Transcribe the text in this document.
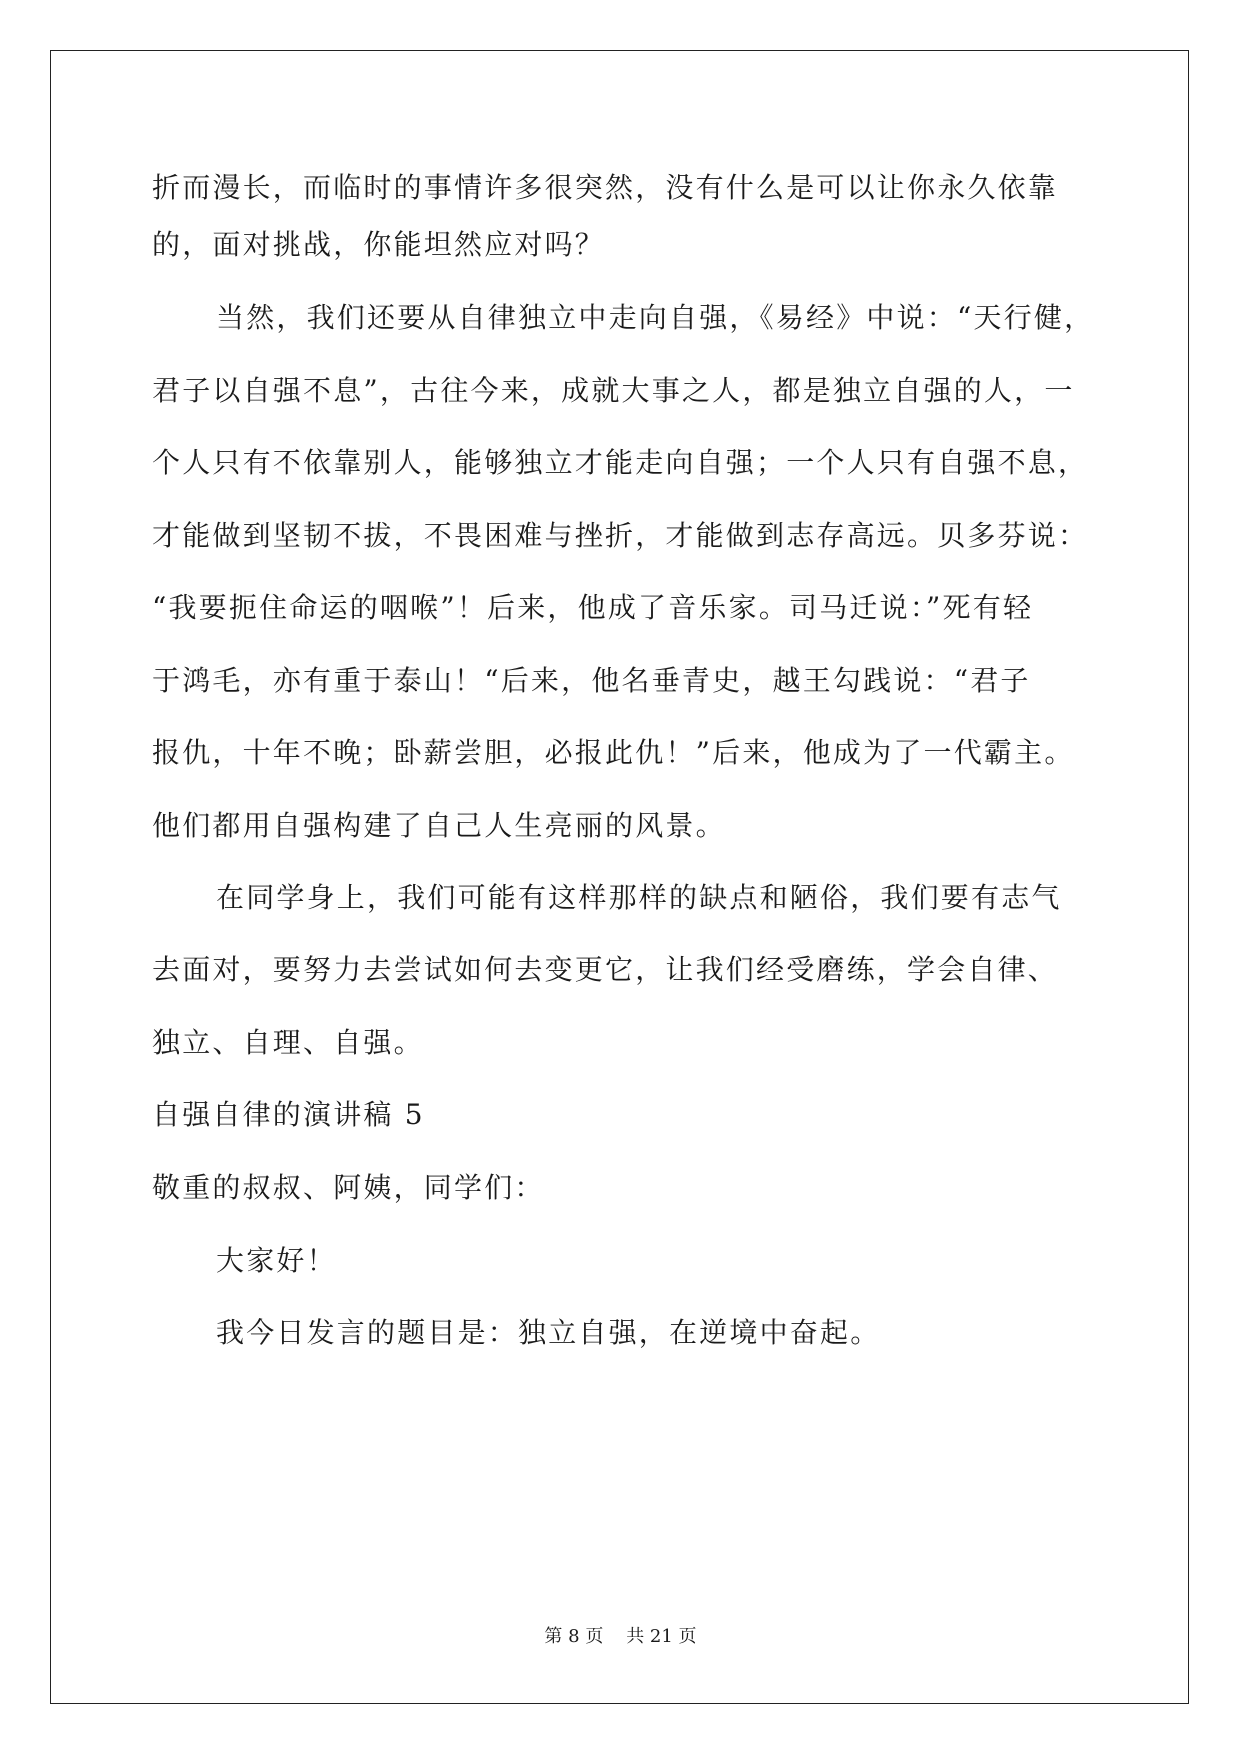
折而漫长，而临时的事情许多很突然，没有什么是可以让你永久依靠
的，面对挑战，你能坦然应对吗？
当然，我们还要从自律独立中走向自强，《易经》中说：“天行健，
君子以自强不息”，古往今来，成就大事之人，都是独立自强的人，一
个人只有不依靠别人，能够独立才能走向自强；一个人只有自强不息，
才能做到坚韧不拔，不畏困难与挫折，才能做到志存高远。贝多芬说：
“我要扼住命运的咽喉”！后来，他成了音乐家。司马迁说：”死有轻
于鸿毛，亦有重于泰山！“后来，他名垂青史，越王勾践说：“君子
报仇，十年不晚；卧薪尝胆，必报此仇！”后来，他成为了一代霸主。
他们都用自强构建了自己人生亮丽的风景。
在同学身上，我们可能有这样那样的缺点和陋俗，我们要有志气
去面对，要努力去尝试如何去变更它，让我们经受磨练，学会自律、
独立、自理、自强。
自强自律的演讲稿 5
敬重的叔叔、阿姨，同学们：
大家好！
我今日发言的题目是：独立自强，在逆境中奋起。
第 8 页    共 21 页
